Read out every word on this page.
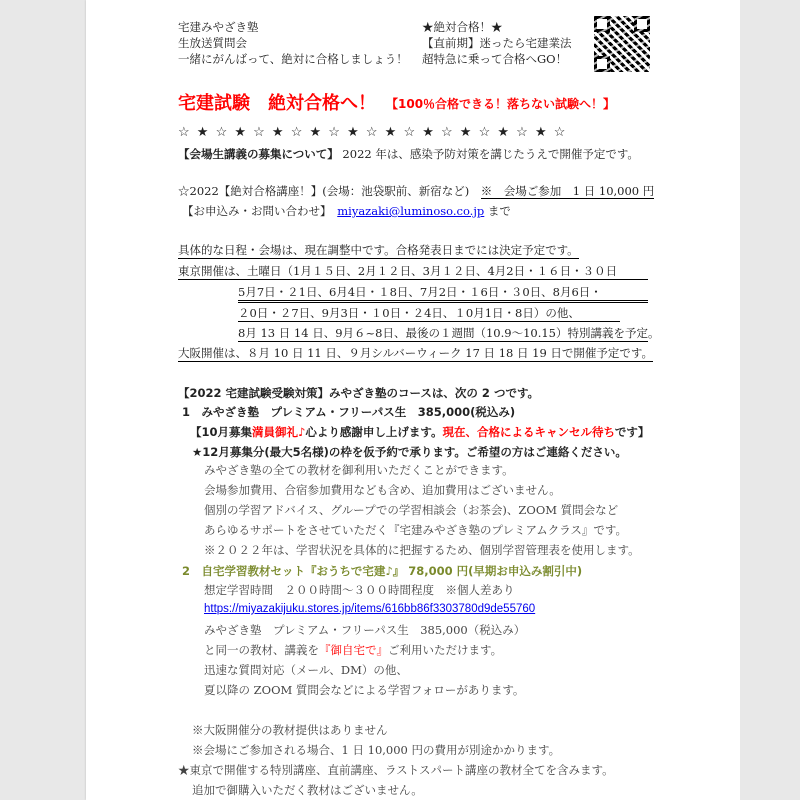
宅建みやざき塾
生放送質問会
一緒にがんばって、絶対に合格しましょう！
★絶対合格！★
【直前期】迷ったら宅建業法
超特急に乗って合格へGO！
宅建試験　絶対合格へ！ 【100％合格できる！落ちない試験へ！】
☆ ★ ☆ ★ ☆ ★ ☆ ★ ☆ ★ ☆ ★ ☆ ★ ☆ ★ ☆ ★ ☆ ★ ☆
【会場生講義の募集について】 2022 年は、感染予防対策を講じたうえで開催予定です。
☆2022【絶対合格講座！】(会場：池袋駅前、新宿など)　※　会場ご参加　1 日 10,000 円
【お申込み・お問い合わせ】　miyazaki@luminoso.co.jp まで
具体的な日程・会場は、現在調整中です。合格発表日までには決定予定です。
東京開催は、土曜日（1月１５日、2月１２日、3月１２日、4月2日・１６日・３０日
5月7日・２1日、6月4日・１8日、7月2日・１6日・３0日、8月6日・
２0日・２7日、9月3日・１0日・２4日、１0月1日・8日）の他、
8月 13 日 14 日、9月６~8日、最後の１週間（10.9～10.15）特別講義を予定。
大阪開催は、８月 10 日 11 日、９月シルバーウィーク 17 日 18 日 19 日で開催予定です。
【2022 宅建試験受験対策】みやざき塾のコースは、次の 2 つです。
1　みやざき塾　プレミアム・フリーパス生　385,000(税込み)
【10月募集満員御礼♪心より感謝申し上げます。現在、合格によるキャンセル待ちです】
★12月募集分(最大5名様)の枠を仮予約で承ります。ご希望の方はご連絡ください。
みやざき塾の全ての教材を御利用いただくことができます。
会場参加費用、合宿参加費用なども含め、追加費用はございません。
個別の学習アドバイス、グループでの学習相談会（お茶会)、ZOOM 質問会など
あらゆるサポートをさせていただく『宅建みやざき塾のプレミアムクラス』です。
※２０２２年は、学習状況を具体的に把握するため、個別学習管理表を使用します。
2　自宅学習教材セット『おうちで宅建♪』 78,000 円(早期お申込み割引中)
想定学習時間　２００時間～３００時間程度　※個人差あり
https://miyazakijuku.stores.jp/items/616bb86f3303780d9de55760
みやざき塾　プレミアム・フリーパス生　385,000（税込み）
と同一の教材、講義を『御自宅で』ご利用いただけます。
迅速な質問対応（メール、DM）の他、
夏以降の ZOOM 質問会などによる学習フォローがあります。
※大阪開催分の教材提供はありません
※会場にご参加される場合、1 日 10,000 円の費用が別途かかります。
★東京で開催する特別講座、直前講座、ラストスパート講座の教材全てを含みます。
追加で御購入いただく教材はございません。
